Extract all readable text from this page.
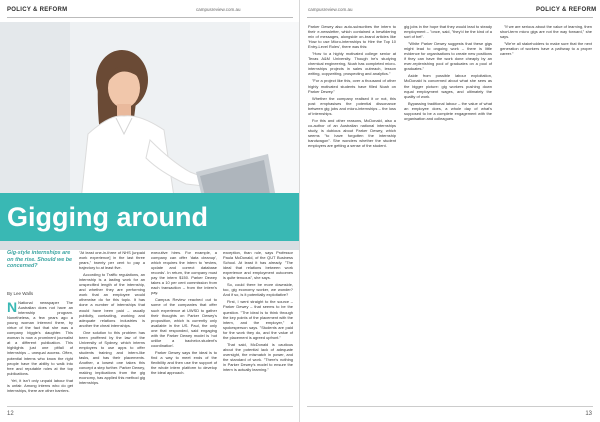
POLICY & REFORM	campusreview.com.au
Gigging around
Gig-style internships are on the rise. Should we be concerned?
By Lee Walls

N National newspaper The Australian does not have an internship program. Nonetheless, a few years ago a young woman interned there, by virtue of the fact that she was a company biggie's daughter. This woman is now a prominent journalist at a different publication. This highlights just one pitfall of internships – unequal access. Often, potential interns who know the right people have the ability to walk into free and reputable roles at the top publications.

Yet, it isn't only unpaid labour that is unfair. Among interns who do get internships, there are other barriers.

"At least one-in-three of NHS [unpaid work experience] in the last three years," twenty per cent to pay a trajectory to at least five.

According to Traffic regulations, an internship is a lasting work for an unspecified length of the internship, and whether they are performing work that an employee would otherwise do for this topic. It has done a number of internships that would have been paid – usually publicity, contacting, working and adequate relations industries is another the cheat internships.

One solution to this problem has been proffered by the law of the University of Sydney, which interns employers to use apps to offer students training and intern-like tasks, and has their placements. Another, a lowest one takes this concept a step further. Parker Dewey, making implications from the gig economy, has applied this method gig internships.

executive hires. For example, a company can offer 'data cleanup', which requires the intern to 'review, update and correct database records'. In return, the company must pay the intern $150. Parker Dewey takes a 10 per cent commission from each transaction – from the intern's pay.

Campus Review reached out to some of the companies that offer such experience at UWSD to gather their thoughts on Parker Dewey's proposition, which is currently only available in the US. Paul, the only one that responded, said engaging with the Parker Dewey model is 'not unlike a bachelor-student's coordination'.

Parker Dewey says the ideal is to find a way to meet ends of the flexibility and then use the support of the whole intern platform to develop the ideal approach.

exception, than rule, says Professor Paula McDonald, of the QUT Business School. At least it has already. "The ideal that relations between work experience and employment outcomes is quite tenuous", she says.

So, could there be more downside, too, gig economy worker, we wonder? And if so, is it potentially exploitative?

First, I went straight to the source – Parker Dewey – that seems to be the question. "The ideal is to think through the key points of the placement with the intern, and the employer," a spokesperson says. "Students are paid for the work they do, and the value of the placement is agreed upfront."

That said, McDonald is cautious about the potential lack of adequate oversight, the mismatch in power, and the standard of work. "There's nothing in Parker Dewey's model to ensure the intern is actually learning."

12
campusreview.com.au	POLICY & REFORM

Parker Dewey also auto-subscribes the intern to their e-newsletter, which contained a bewildering mix of messages, alongside on-brand articles like 'How to use Micro-internships to Hire the Top 10 Entry-Level Roles', there was this:

"How to a highly motivated college senior at Texas A&M University. Though he's studying chemical engineering, Noah has completed micro-internships projects in sales outreach, lesson writing, copywriting, prospecting and analytics."

"For a project like this, over a thousand of other highly motivated students have filled Noah on Parker Dewey."

Whether the company realised it or not, this post emphasises the potential dissonance between gig jobs and micro-internships – the loss of internships.

For this and other reasons, McDonald, also a co-author of an Australian national internships study, is dubious about Parker Dewey, which seems "to have forgotten the internship bandwagon". She wonders whether the student employers are getting a sense of the student.

gig jobs in the hope that they would lead to steady employment – "once, said, "they'd be the kind of a sort of bet".

"White Parker Dewey suggests that these gigs might lead to ongoing work – there is little evidence for organisations to create new positions if they can have the work done cheaply by an ever-replenishing pool of graduates on a pool of graduates."

Aside from possible labour exploitation, McDonald is concerned about what she sees as the bigger picture: gig workers pushing down equal employment wages, and ultimately the quality of work.

Bypassing traditional labour – the value of what an employee does, a whole day of what's supposed to be a complete engagement with the organisation and colleagues.

"If we are serious about the value of learning, then short-term micro gigs are not the way forward," she says.

"We're all stakeholders to make sure that the next generation of workers have a pathway to a proper career."

13
